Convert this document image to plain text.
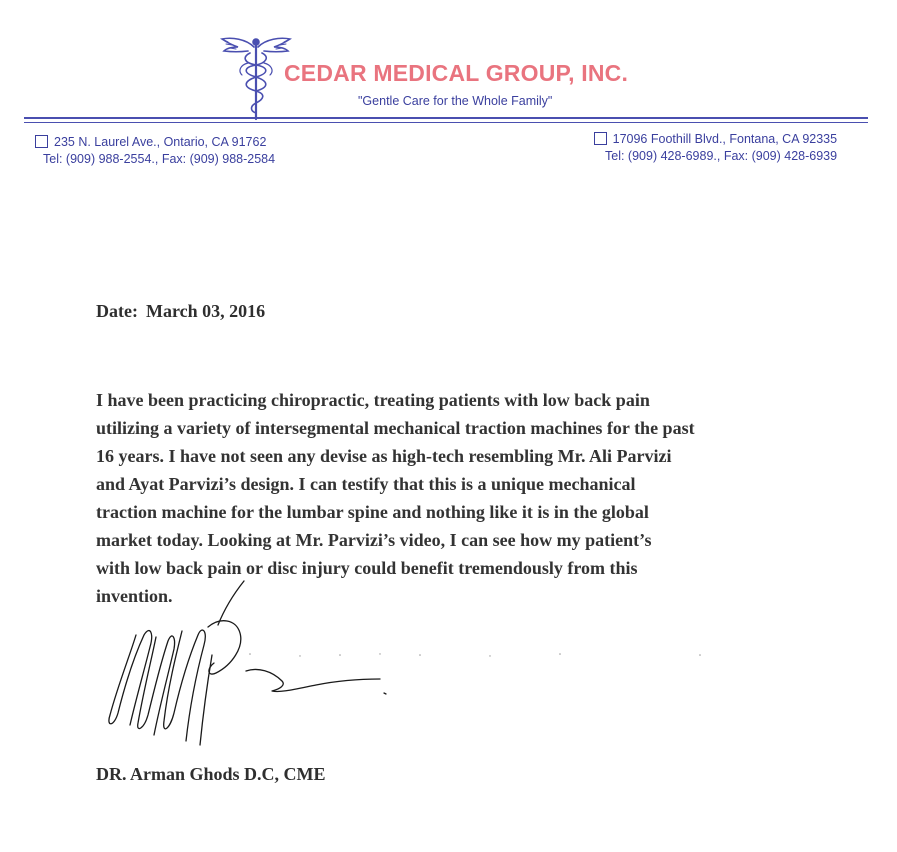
CEDAR MEDICAL GROUP, INC.

"Gentle Care for the Whole Family"

235 N. Laurel Ave., Ontario, CA 91762
Tel: (909) 988-2554., Fax: (909) 988-2584
17096 Foothill Blvd., Fontana, CA 92335
Tel: (909) 428-6989., Fax: (909) 428-6939

Date: March 03, 2016

I have been practicing chiropractic, treating patients with low back pain
utilizing a variety of intersegmental mechanical traction machines for the past
16 years. I have not seen any devise as high-tech resembling Mr. Ali Parvizi
and Ayat Parvizi’s design. I can testify that this is a unique mechanical
traction machine for the lumbar spine and nothing like it is in the global
market today. Looking at Mr. Parvizi’s video, I can see how my patient’s
with low back pain or disc injury could benefit tremendously from this
invention.

DR. Arman Ghods D.C, CME
